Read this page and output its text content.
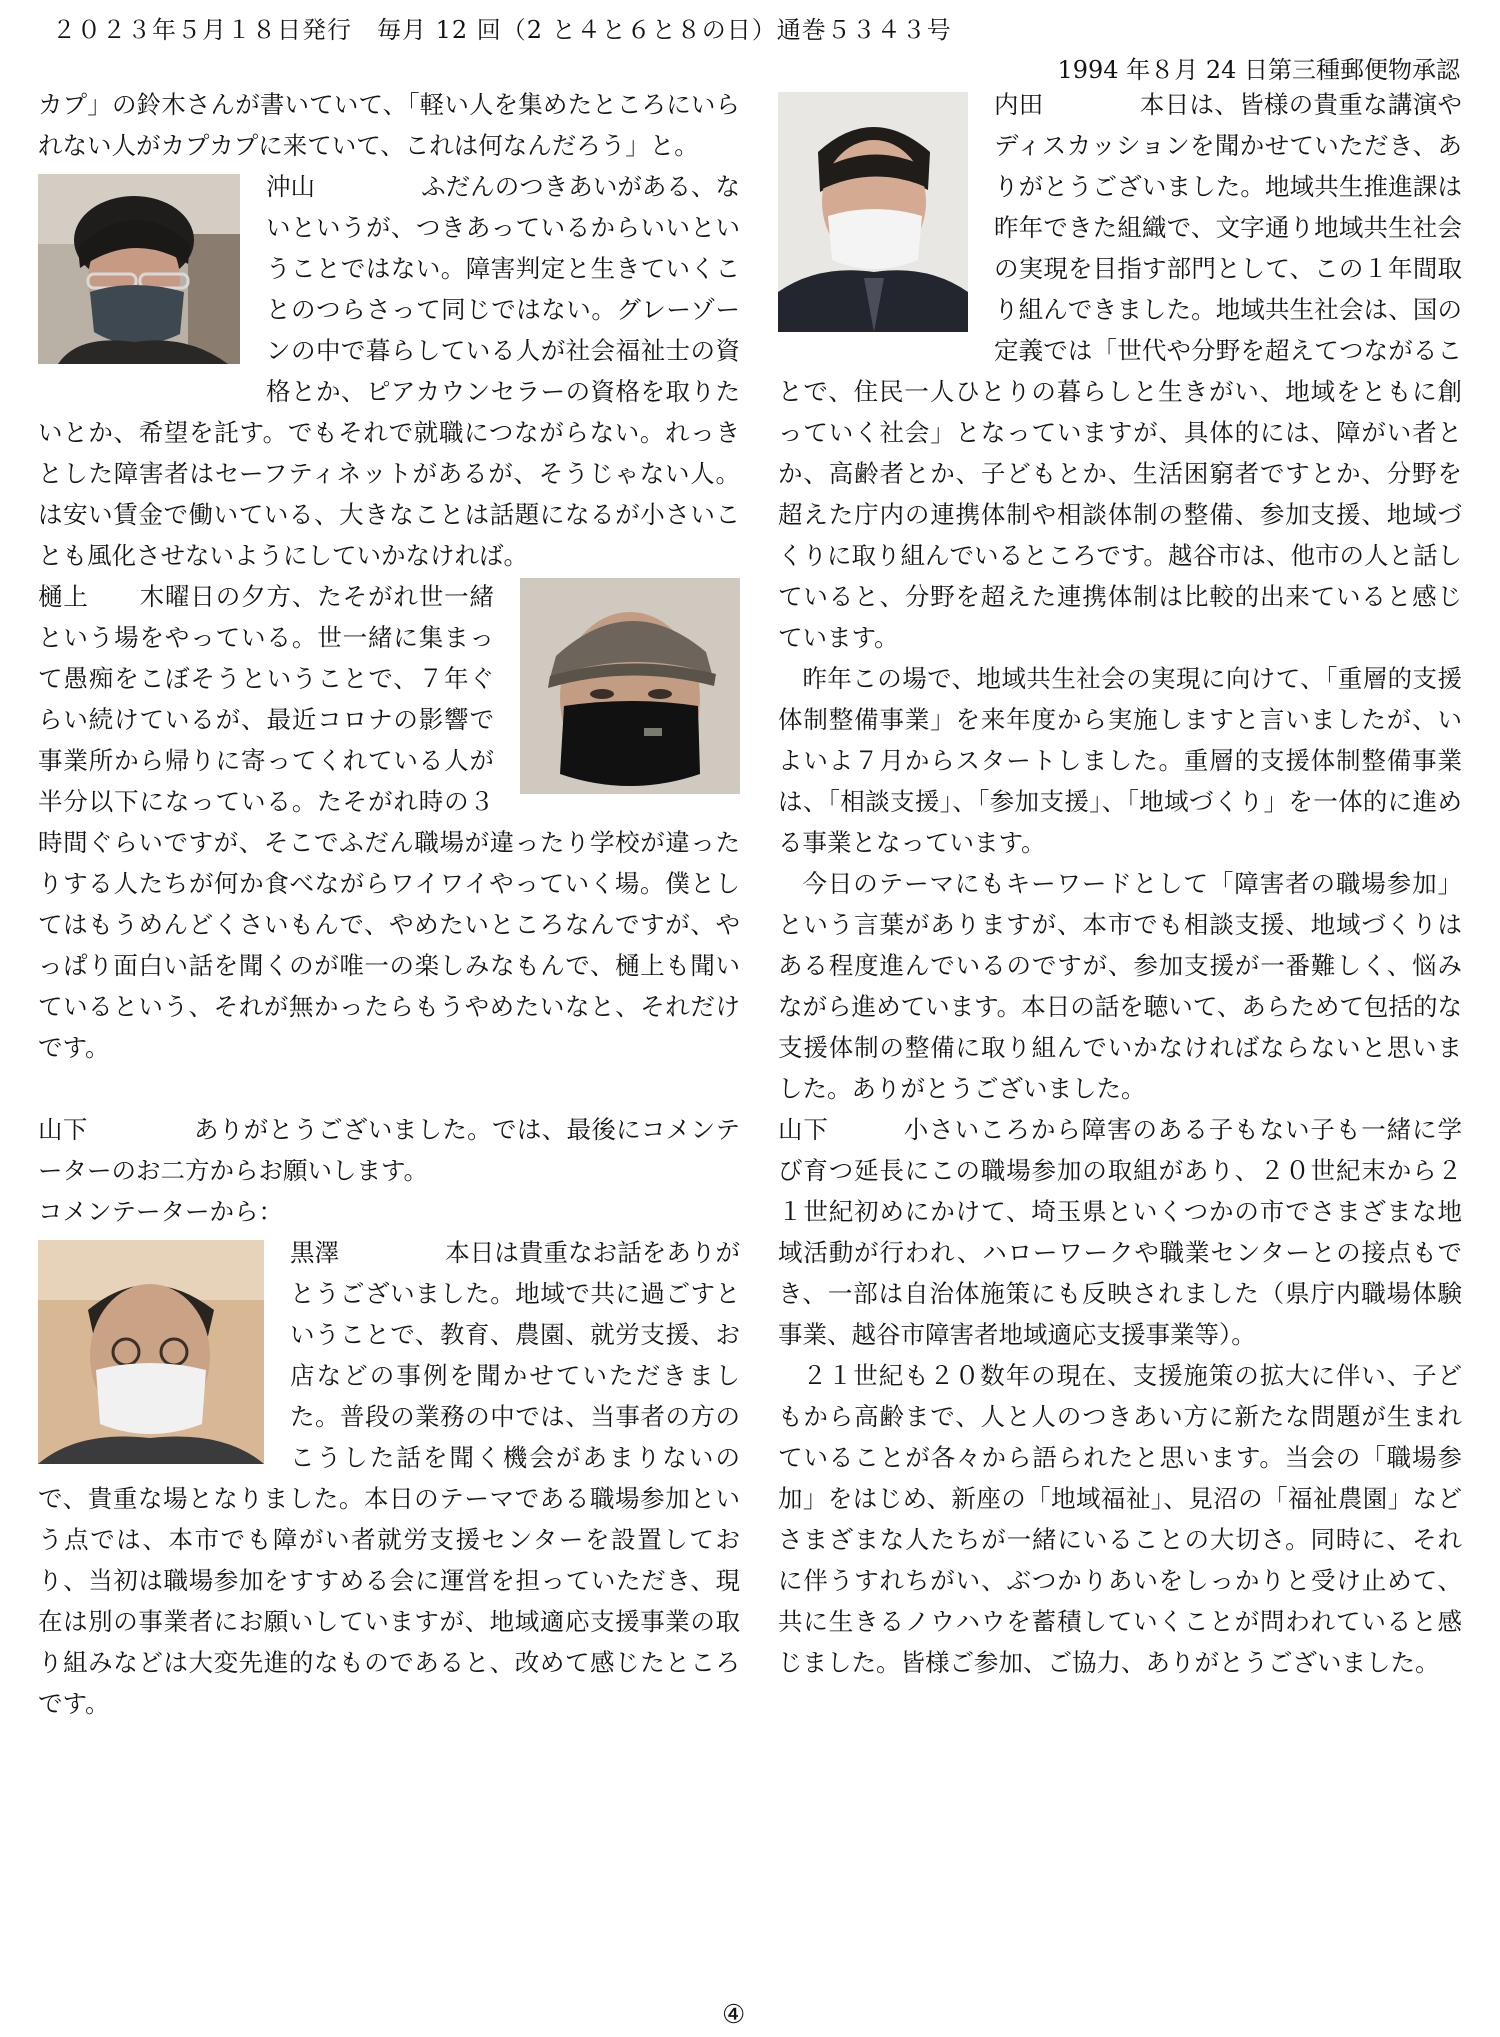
２０２３年５月１８日発行　毎月 12 回（2 と４と６と８の日）通巻５３４３号
1994 年８月 24 日第三種郵便物承認

カプ」の鈴木さんが書いていて、「軽い人を集めたところにいられない人がカプカプに来ていて、これは何なんだろう」と。

沖山	ふだんのつきあいがある、ないというが、つきあっているからいいということではない。障害判定と生きていくことのつらさって同じではない。グレーゾーンの中で暮らしている人が社会福祉士の資格とか、ピアカウンセラーの資格を取りたいとか、希望を託す。でもそれで就職につながらない。れっきとした障害者はセーフティネットがあるが、そうじゃない人。は安い賃金で働いている、大きなことは話題になるが小さいことも風化させないようにしていかなければ。

樋上 木曜日の夕方、たそがれ世一緒という場をやっている。世一緒に集まって愚痴をこぼそうということで、７年ぐらい続けているが、最近コロナの影響で事業所から帰りに寄ってくれている人が半分以下になっている。たそがれ時の３時間ぐらいですが、そこでふだん職場が違ったり学校が違ったりする人たちが何か食べながらワイワイやっていく場。僕としてはもうめんどくさいもんで、やめたいところなんですが、やっぱり面白い話を聞くのが唯一の楽しみなもんで、樋上も聞いているという、それが無かったらもうやめたいなと、それだけです。

山下	ありがとうございました。では、最後にコメンテーターのお二方からお願いします。

コメンテーターから：

黒澤	本日は貴重なお話をありがとうございました。地域で共に過ごすということで、教育、農園、就労支援、お店などの事例を聞かせていただきました。普段の業務の中では、当事者の方のこうした話を聞く機会があまりないので、貴重な場となりました。本日のテーマである職場参加という点では、本市でも障がい者就労支援センターを設置しており、当初は職場参加をすすめる会に運営を担っていただき、現在は別の事業者にお願いしていますが、地域適応支援事業の取り組みなどは大変先進的なものであると、改めて感じたところです。

内田	本日は、皆様の貴重な講演やディスカッションを聞かせていただき、ありがとうございました。地域共生推進課は昨年できた組織で、文字通り地域共生社会の実現を目指す部門として、この１年間取り組んできました。地域共生社会は、国の定義では「世代や分野を超えてつながることで、住民一人ひとりの暮らしと生きがい、地域をともに創っていく社会」となっていますが、具体的には、障がい者とか、高齢者とか、子どもとか、生活困窮者ですとか、分野を超えた庁内の連携体制や相談体制の整備、参加支援、地域づくりに取り組んでいるところです。越谷市は、他市の人と話していると、分野を超えた連携体制は比較的出来ていると感じています。

昨年この場で、地域共生社会の実現に向けて、「重層的支援体制整備事業」を来年度から実施しますと言いましたが、いよいよ７月からスタートしました。重層的支援体制整備事業は、「相談支援」、「参加支援」、「地域づくり」を一体的に進める事業となっています。

今日のテーマにもキーワードとして「障害者の職場参加」という言葉がありますが、本市でも相談支援、地域づくりはある程度進んでいるのですが、参加支援が一番難しく、悩みながら進めています。本日の話を聴いて、あらためて包括的な支援体制の整備に取り組んでいかなければならないと思いました。ありがとうございました。

山下	小さいころから障害のある子もない子も一緒に学び育つ延長にこの職場参加の取組があり、２０世紀末から２１世紀初めにかけて、埼玉県といくつかの市でさまざまな地域活動が行われ、ハローワークや職業センターとの接点もでき、一部は自治体施策にも反映されました（県庁内職場体験事業、越谷市障害者地域適応支援事業等）。

２１世紀も２０数年の現在、支援施策の拡大に伴い、子どもから高齢まで、人と人のつきあい方に新たな問題が生まれていることが各々から語られたと思います。当会の「職場参加」をはじめ、新座の「地域福祉」、見沼の「福祉農園」などさまざまな人たちが一緒にいることの大切さ。同時に、それに伴うすれちがい、ぶつかりあいをしっかりと受け止めて、共に生きるノウハウを蓄積していくことが問われていると感じました。皆様ご参加、ご協力、ありがとうございました。

④
